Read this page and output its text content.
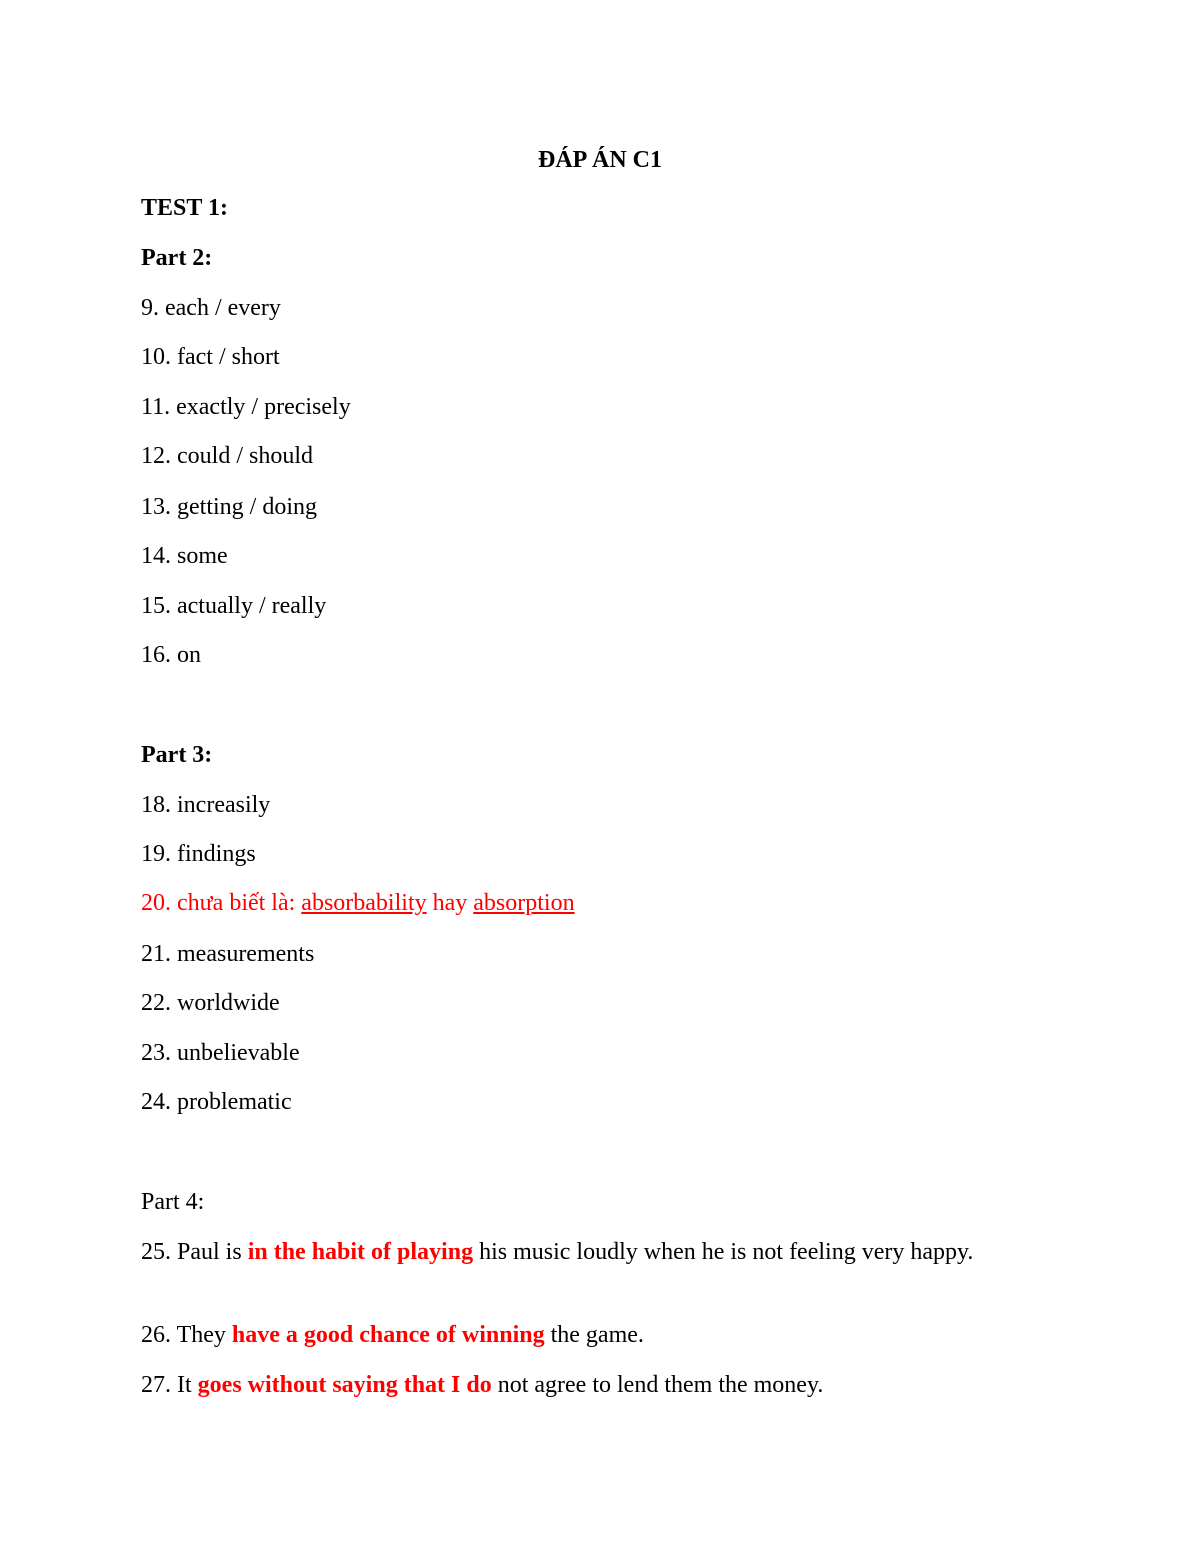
ĐÁP ÁN C1
TEST 1:
Part 2:
9. each / every
10. fact / short
11. exactly / precisely
12. could / should
13. getting / doing
14. some
15. actually / really
16. on
Part 3:
18. increasily
19. findings
20. chưa biết là: absorbability hay absorption
21. measurements
22. worldwide
23. unbelievable
24. problematic
Part 4:
25. Paul is in the habit of playing his music loudly when he is not feeling very happy.
26. They have a good chance of winning the game.
27. It goes without saying that I do not agree to lend them the money.
